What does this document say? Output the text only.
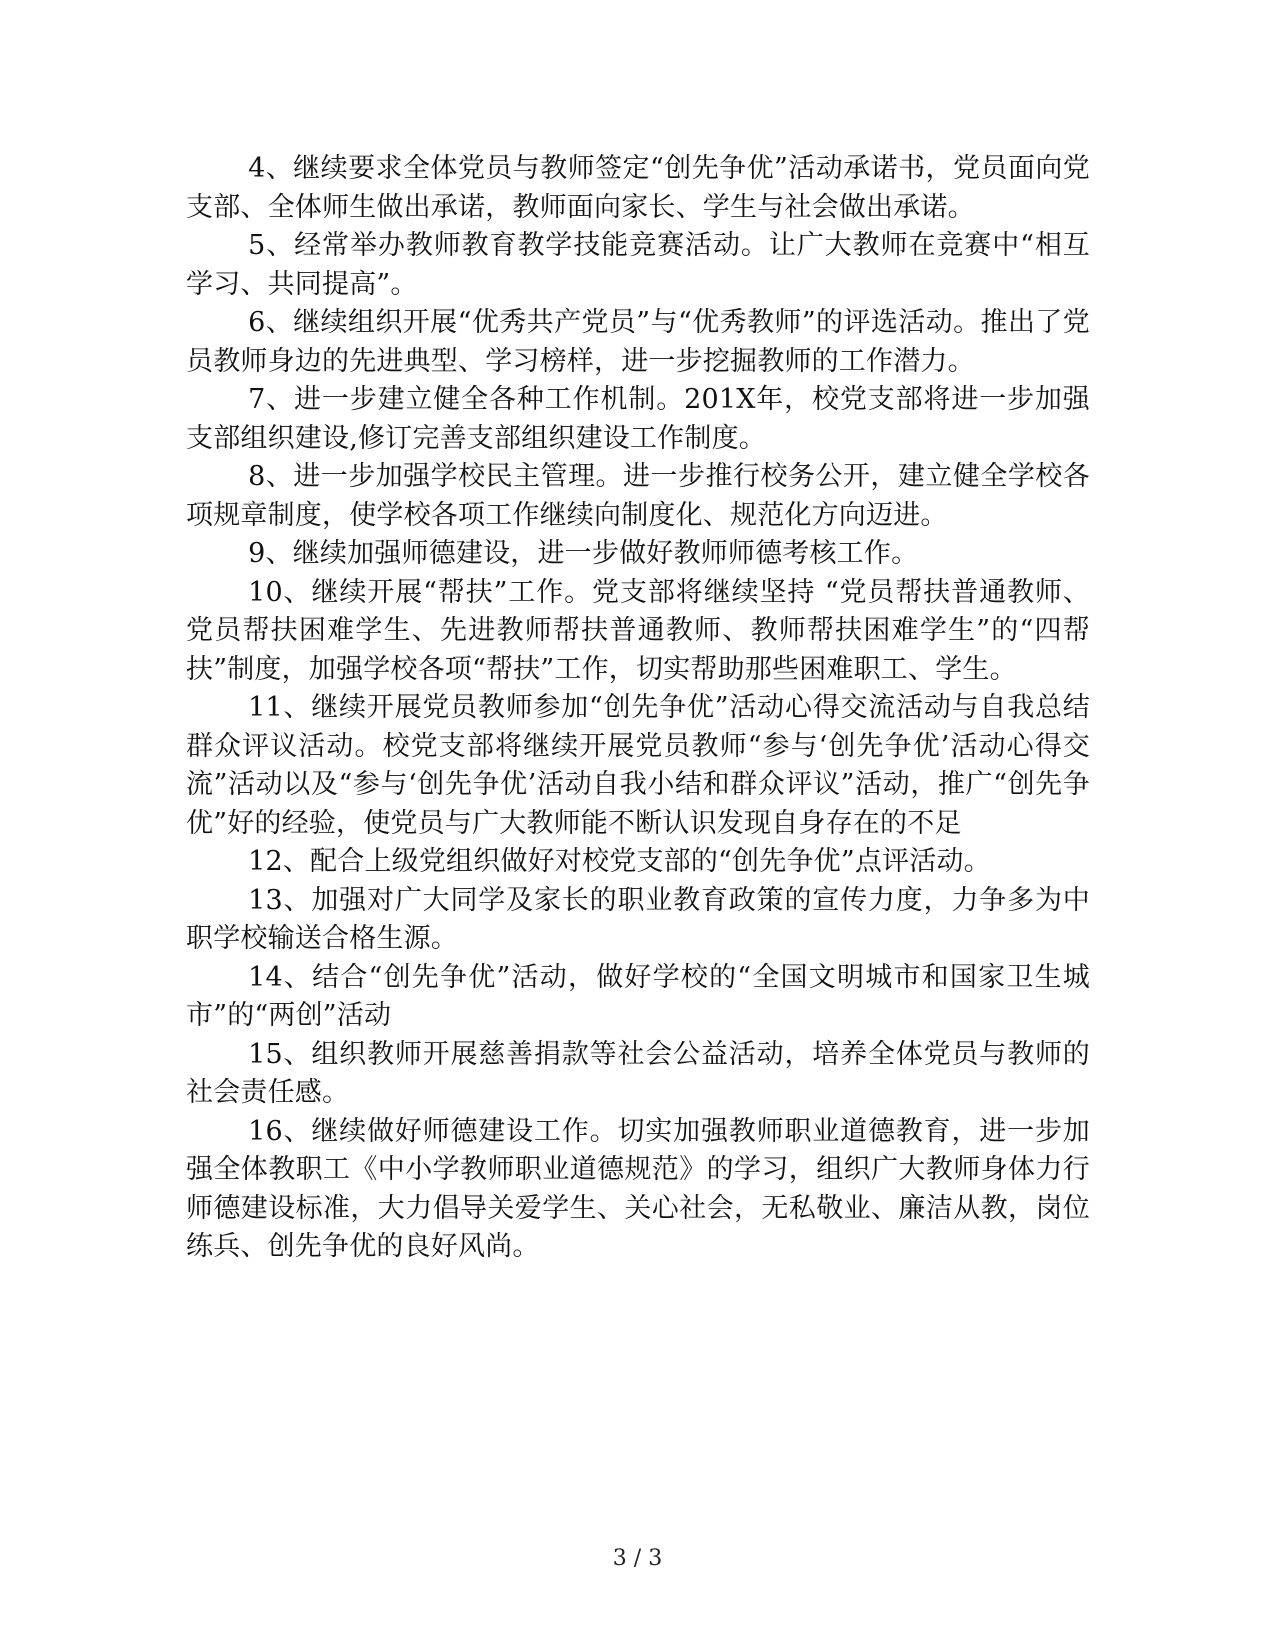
4、继续要求全体党员与教师签定“创先争优”活动承诺书，党员面向党支部、全体师生做出承诺，教师面向家长、学生与社会做出承诺。

5、经常举办教师教育教学技能竞赛活动。让广大教师在竞赛中“相互学习、共同提高”。

6、继续组织开展“优秀共产党员”与“优秀教师”的评选活动。推出了党员教师身边的先进典型、学习榜样，进一步挖掘教师的工作潜力。

7、进一步建立健全各种工作机制。201X年，校党支部将进一步加强支部组织建设,修订完善支部组织建设工作制度。

8、进一步加强学校民主管理。进一步推行校务公开，建立健全学校各项规章制度，使学校各项工作继续向制度化、规范化方向迈进。

9、继续加强师德建设，进一步做好教师师德考核工作。

10、继续开展“帮扶”工作。党支部将继续坚持 “党员帮扶普通教师、党员帮扶困难学生、先进教师帮扶普通教师、教师帮扶困难学生”的“四帮扶”制度，加强学校各项“帮扶”工作，切实帮助那些困难职工、学生。

11、继续开展党员教师参加“创先争优”活动心得交流活动与自我总结群众评议活动。校党支部将继续开展党员教师“参与‘创先争优’活动心得交流”活动以及“参与‘创先争优’活动自我小结和群众评议”活动，推广“创先争优”好的经验，使党员与广大教师能不断认识发现自身存在的不足

12、配合上级党组织做好对校党支部的“创先争优”点评活动。

13、加强对广大同学及家长的职业教育政策的宣传力度，力争多为中职学校输送合格生源。

14、结合“创先争优”活动，做好学校的“全国文明城市和国家卫生城市”的“两创”活动

15、组织教师开展慈善捐款等社会公益活动，培养全体党员与教师的社会责任感。

16、继续做好师德建设工作。切实加强教师职业道德教育，进一步加强全体教职工《中小学教师职业道德规范》的学习，组织广大教师身体力行师德建设标准，大力倡导关爱学生、关心社会，无私敬业、廉洁从教，岗位练兵、创先争优的良好风尚。

3 / 3
